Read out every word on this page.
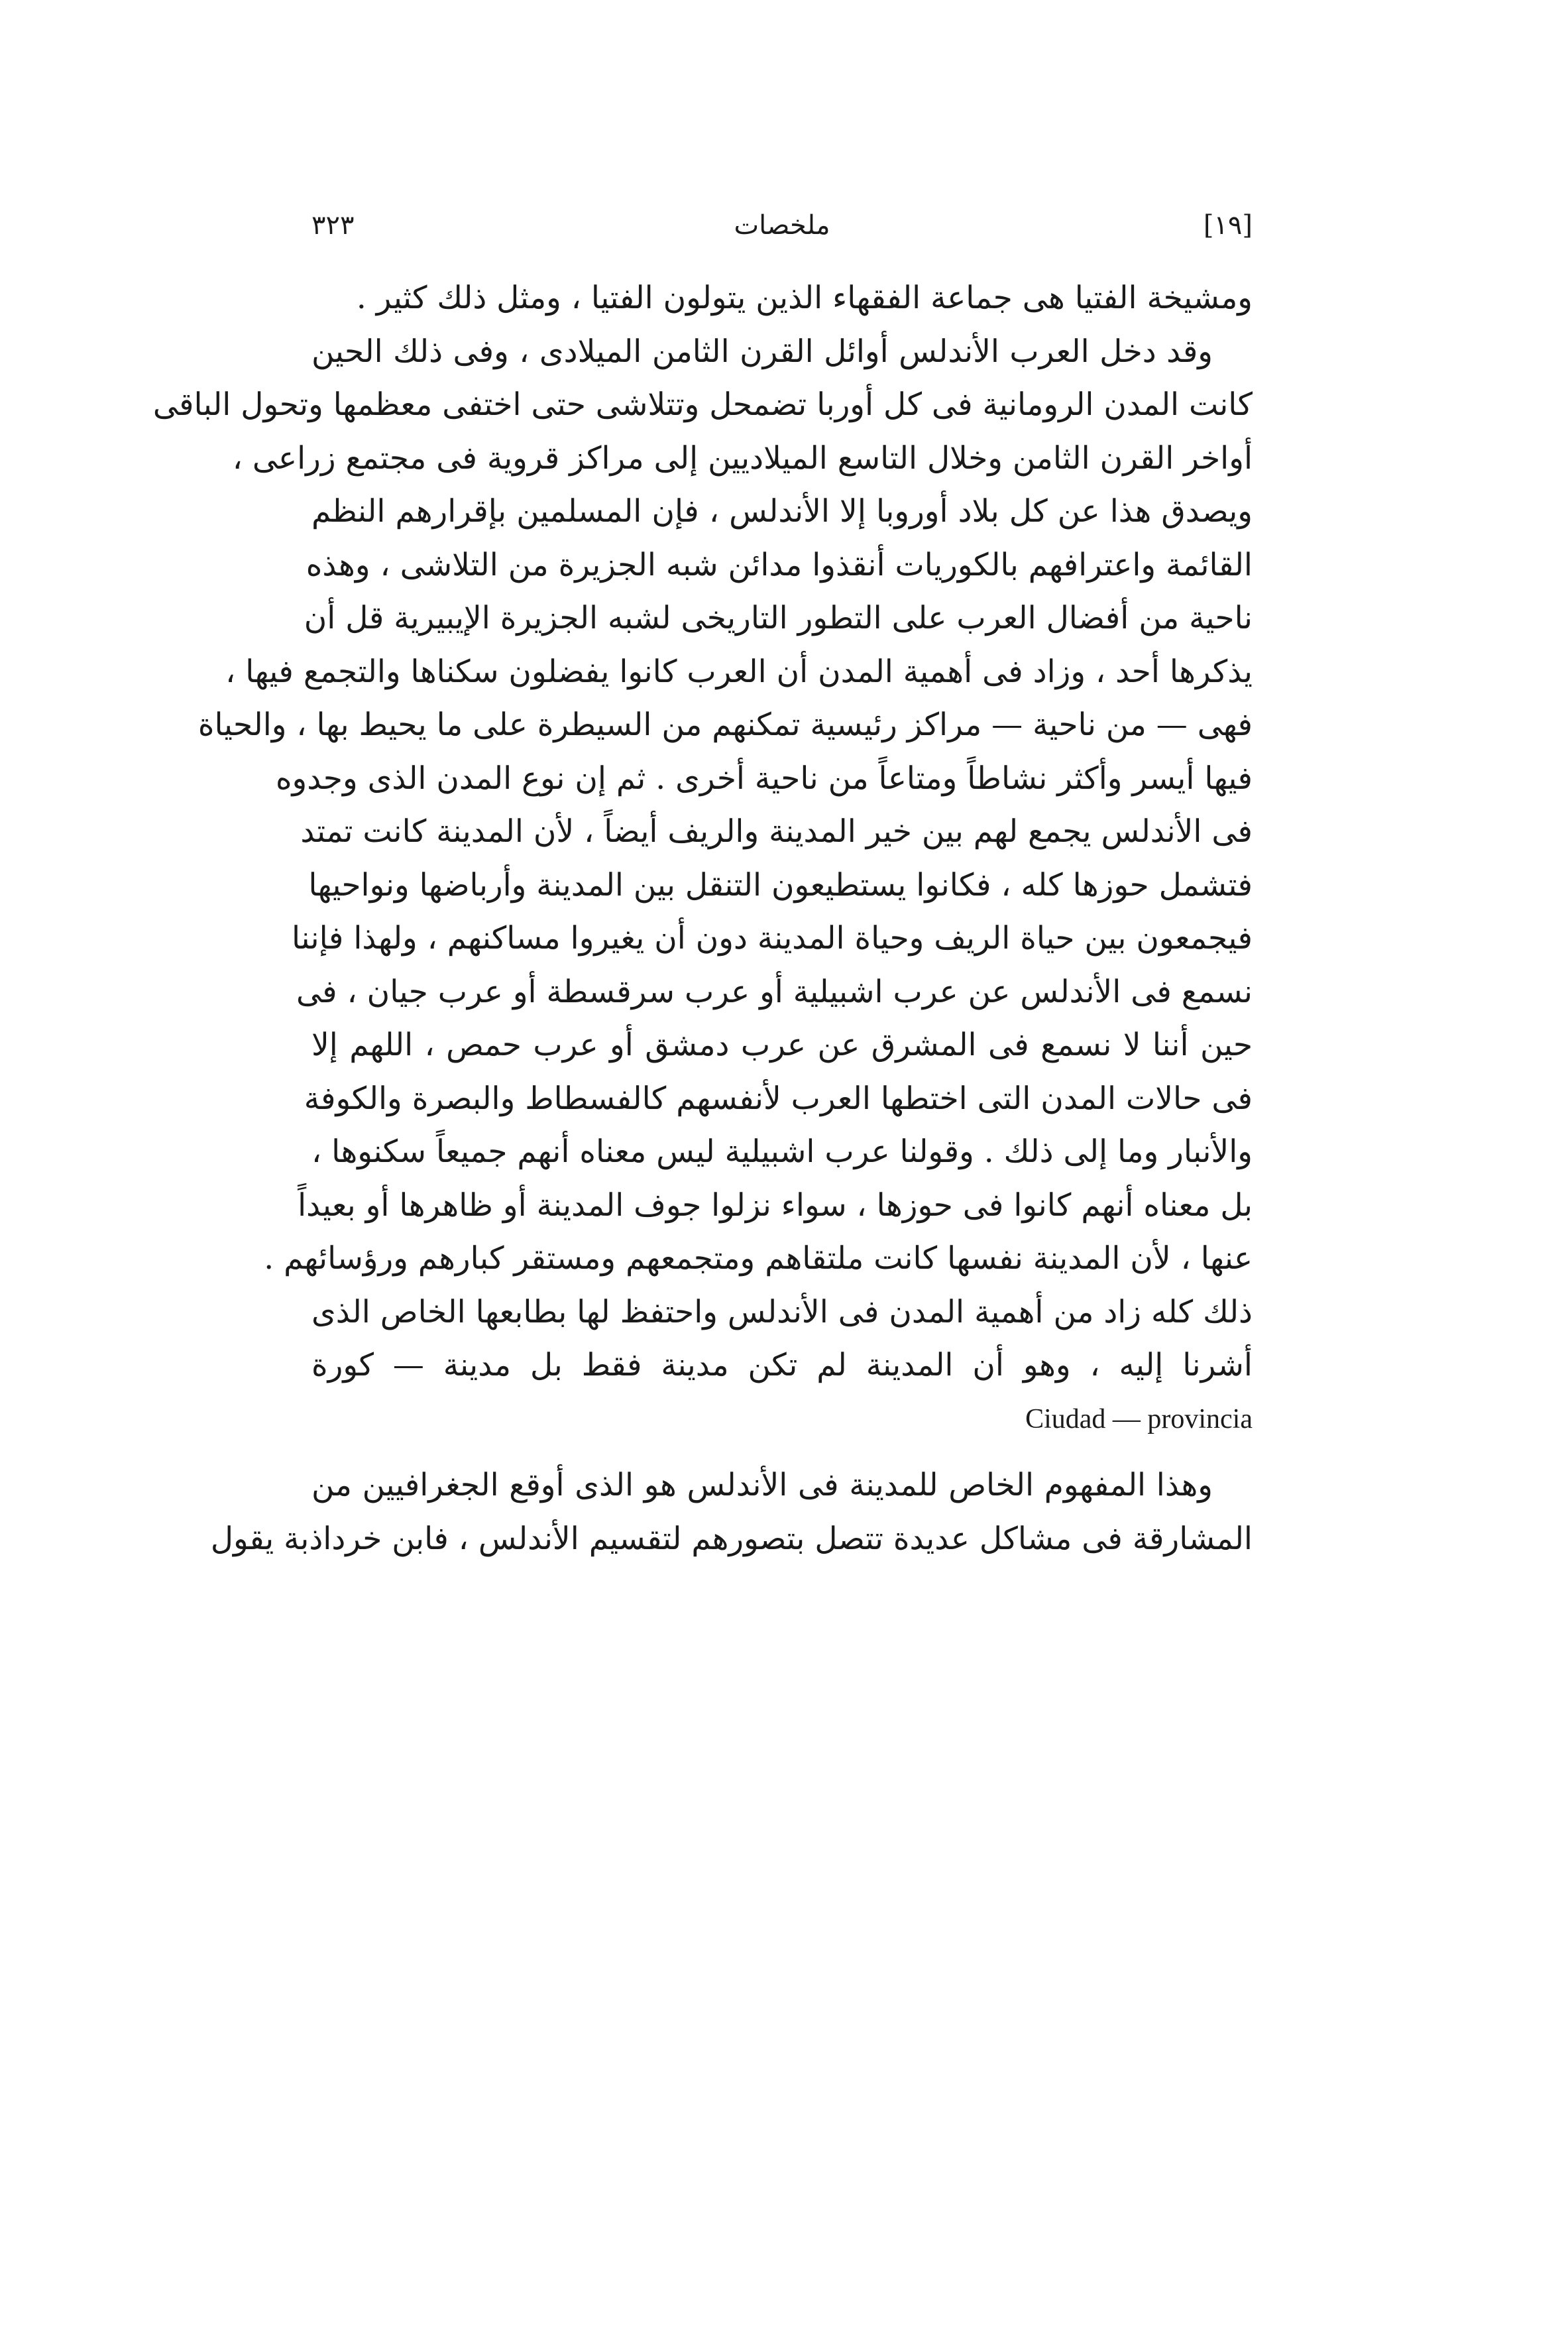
٣٢٣	ملخصات	[١٩]
ومشيخة الفتيا هى جماعة الفقهاء الذين يتولون الفتيا ، ومثل ذلك كثير .
وقد دخل العرب الأندلس أوائل القرن الثامن الميلادى ، وفى ذلك الحين
كانت المدن الرومانية فى كل أوربا تضمحل وتتلاشى حتى اختفى معظمها وتحول الباقى
أواخر القرن الثامن وخلال التاسع الميلاديين إلى مراكز قروية فى مجتمع زراعى ،
ويصدق هذا عن كل بلاد أوروبا إلا الأندلس ، فإن المسلمين بإقرارهم النظم
القائمة واعترافهم بالكوريات أنقذوا مدائن شبه الجزيرة من التلاشى ، وهذه
ناحية من أفضال العرب على التطور التاريخى لشبه الجزيرة الإيبيرية قل أن
يذكرها أحد ، وزاد فى أهمية المدن أن العرب كانوا يفضلون سكناها والتجمع فيها ،
فهى — من ناحية — مراكز رئيسية تمكنهم من السيطرة على ما يحيط بها ، والحياة
فيها أيسر وأكثر نشاطاً ومتاعاً من ناحية أخرى . ثم إن نوع المدن الذى وجدوه
فى الأندلس يجمع لهم بين خير المدينة والريف أيضاً ، لأن المدينة كانت تمتد
فتشمل حوزها كله ، فكانوا يستطيعون التنقل بين المدينة وأرباضها ونواحيها
فيجمعون بين حياة الريف وحياة المدينة دون أن يغيروا مساكنهم ، ولهذا فإننا
نسمع فى الأندلس عن عرب اشبيلية أو عرب سرقسطة أو عرب جيان ، فى
حين أننا لا نسمع فى المشرق عن عرب دمشق أو عرب حمص ، اللهم إلا
فى حالات المدن التى اختطها العرب لأنفسهم كالفسطاط والبصرة والكوفة
والأنبار وما إلى ذلك . وقولنا عرب اشبيلية ليس معناه أنهم جميعاً سكنوها ،
بل معناه أنهم كانوا فى حوزها ، سواء نزلوا جوف المدينة أو ظاهرها أو بعيداً
عنها ، لأن المدينة نفسها كانت ملتقاهم ومتجمعهم ومستقر كبارهم ورؤسائهم .
ذلك كله زاد من أهمية المدن فى الأندلس واحتفظ لها بطابعها الخاص الذى
أشرنا إليه ، وهو أن المدينة لم تكن مدينة فقط بل مدينة — كورة
Ciudad — provincia
وهذا المفهوم الخاص للمدينة فى الأندلس هو الذى أوقع الجغرافيين من
المشارقة فى مشاكل عديدة تتصل بتصورهم لتقسيم الأندلس ، فابن خرداذبة يقول
